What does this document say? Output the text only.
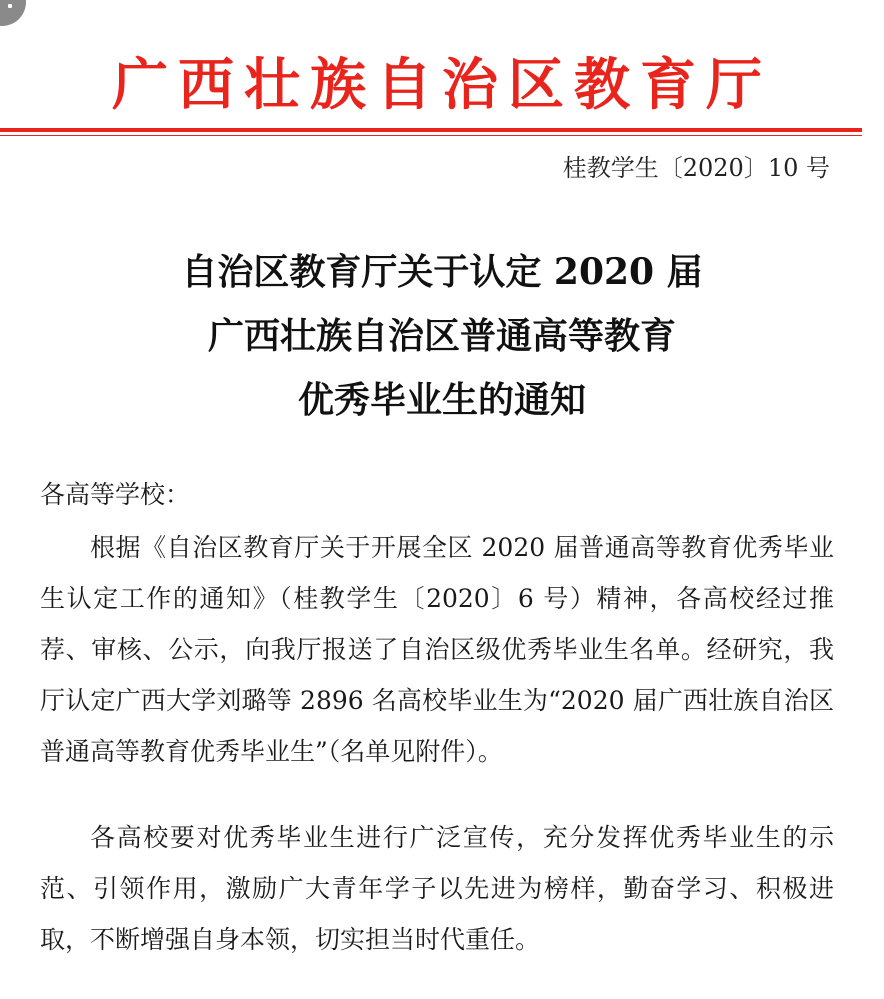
广西壮族自治区教育厅
桂教学生〔2020〕10 号
自治区教育厅关于认定 2020 届
广西壮族自治区普通高等教育
优秀毕业生的通知
各高等学校：
根据《自治区教育厅关于开展全区 2020 届普通高等教育优秀毕业生认定工作的通知》（桂教学生〔2020〕6 号）精神，各高校经过推荐、审核、公示，向我厅报送了自治区级优秀毕业生名单。经研究，我厅认定广西大学刘璐等 2896 名高校毕业生为“2020 届广西壮族自治区普通高等教育优秀毕业生”（名单见附件）。
各高校要对优秀毕业生进行广泛宣传，充分发挥优秀毕业生的示范、引领作用，激励广大青年学子以先进为榜样，勤奋学习、积极进取，不断增强自身本领，切实担当时代重任。
